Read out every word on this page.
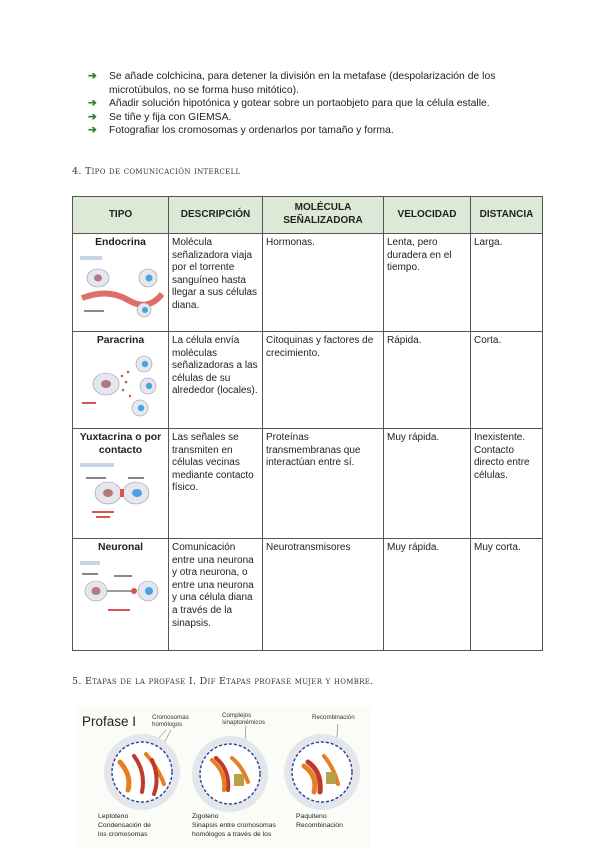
➔ Se añade colchicina, para detener la división en la metafase (despolarización de los microtúbulos, no se forma huso mitótico).
➔ Añadir solución hipotónica y gotear sobre un portaobjeto para que la célula estalle.
➔ Se tiñe y fija con GIEMSA.
➔ Fotografiar los cromosomas y ordenarlos por tamaño y forma.
4. Tipo de comunicación intercell
TIPO	DESCRIPCIÓN	MOLÉCULA SEÑALIZADORA	VELOCIDAD	DISTANCIA

Endocrina	Molécula señalizadora viaja por el torrente sanguíneo hasta llegar a sus células diana.	Hormonas.	Lenta, pero duradera en el tiempo.	Larga.

Paracrina	La célula envía moléculas señalizadoras a las células de su alrededor (locales).	Citoquinas y factores de crecimiento.	Rápida.	Corta.

Yuxtacrina o por contacto	Las señales se transmiten en células vecinas mediante contacto físico.	Proteínas transmembranas que interactúan entre sí.	Muy rápida.	Inexistente. Contacto directo entre células.

Neuronal	Comunicación entre una neurona y otra neurona, o entre una neurona y una célula diana a través de la sinapsis.	Neurotransmisores	Muy rápida.	Muy corta.
5. Etapas de la profase I. Dif Etapas profase mujer y hombre.
Profase I	Cromosomas homólogos
Complejos sinaptonémicos
Recombinación
Leptoteno
Condensación de
los cromosomas
Zigoteno
Sinapsis entre cromosomas
homólogos a través de los
Paquiteno
Recombinación
